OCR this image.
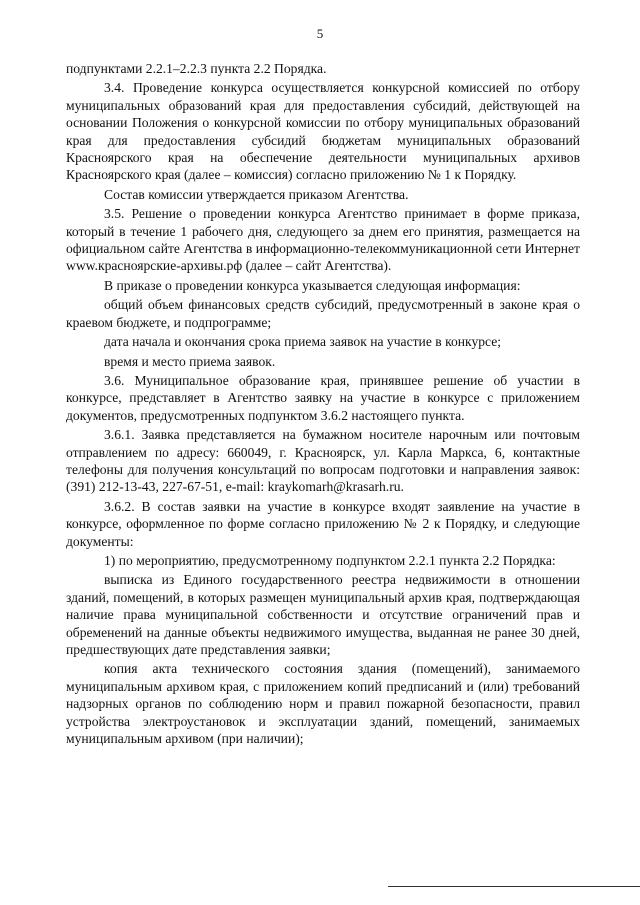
5

подпунктами 2.2.1–2.2.3 пункта 2.2 Порядка.

3.4. Проведение конкурса осуществляется конкурсной комиссией по отбору муниципальных образований края для предоставления субсидий, действующей на основании Положения о конкурсной комиссии по отбору муниципальных образований края для предоставления субсидий бюджетам муниципальных образований Красноярского края на обеспечение деятельности муниципальных архивов Красноярского края (далее – комиссия) согласно приложению № 1 к Порядку.

Состав комиссии утверждается приказом Агентства.

3.5. Решение о проведении конкурса Агентство принимает в форме приказа, который в течение 1 рабочего дня, следующего за днем его принятия, размещается на официальном сайте Агентства в информационно-телекоммуникационной сети Интернет www.красноярские-архивы.рф (далее – сайт Агентства).

В приказе о проведении конкурса указывается следующая информация:

общий объем финансовых средств субсидий, предусмотренный в законе края о краевом бюджете, и подпрограмме;

дата начала и окончания срока приема заявок на участие в конкурсе;

время и место приема заявок.

3.6. Муниципальное образование края, принявшее решение об участии в конкурсе, представляет в Агентство заявку на участие в конкурсе с приложением документов, предусмотренных подпунктом 3.6.2 настоящего пункта.

3.6.1. Заявка представляется на бумажном носителе нарочным или почтовым отправлением по адресу: 660049, г. Красноярск, ул. Карла Маркса, 6, контактные телефоны для получения консультаций по вопросам подготовки и направления заявок: (391) 212-13-43, 227-67-51, e-mail: kraykomarh@krasarh.ru.

3.6.2. В состав заявки на участие в конкурсе входят заявление на участие в конкурсе, оформленное по форме согласно приложению № 2 к Порядку, и следующие документы:

1) по мероприятию, предусмотренному подпунктом 2.2.1 пункта 2.2 Порядка:

выписка из Единого государственного реестра недвижимости в отношении зданий, помещений, в которых размещен муниципальный архив края, подтверждающая наличие права муниципальной собственности и отсутствие ограничений прав и обременений на данные объекты недвижимого имущества, выданная не ранее 30 дней, предшествующих дате представления заявки;

копия акта технического состояния здания (помещений), занимаемого муниципальным архивом края, с приложением копий предписаний и (или) требований надзорных органов по соблюдению норм и правил пожарной безопасности, правил устройства электроустановок и эксплуатации зданий, помещений, занимаемых муниципальным архивом (при наличии);
